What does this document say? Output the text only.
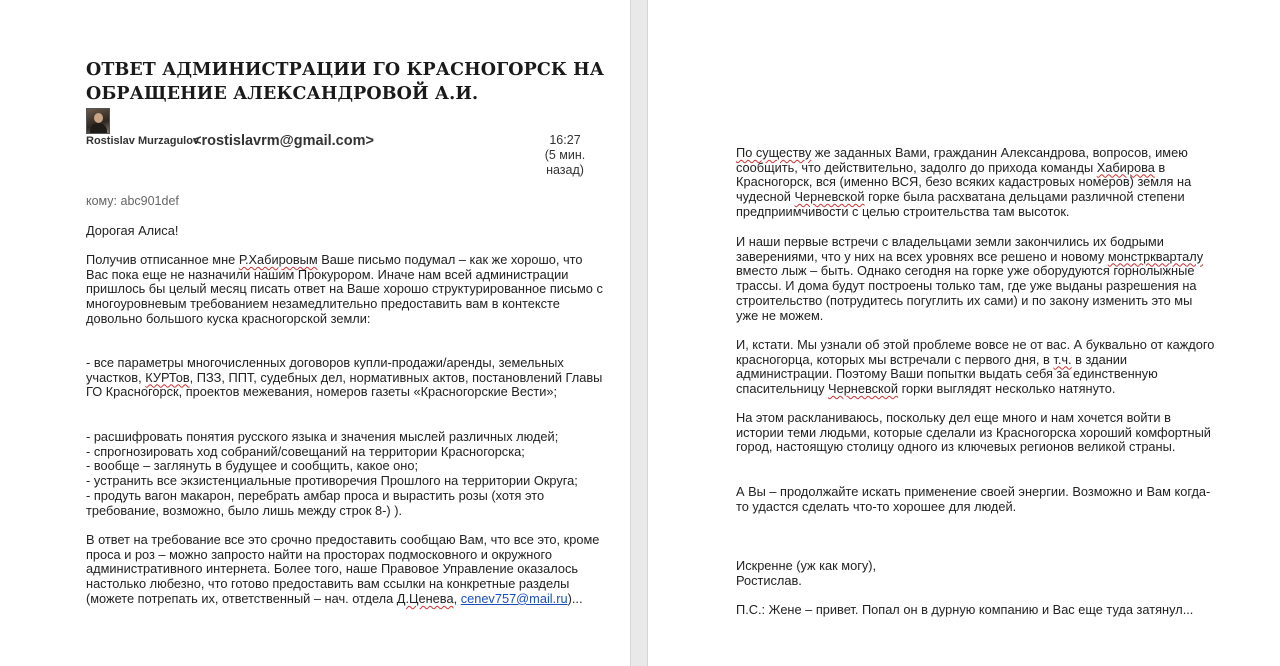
ОТВЕТ АДМИНИСТРАЦИИ ГО КРАСНОГОРСК НА ОБРАЩЕНИЕ АЛЕКСАНДРОВОЙ А.И.
Rostislav Murzagulov
<rostislavrm@gmail.com>	16:27
(5 мин. назад)
кому: abc901def

Дорогая Алиса!

Получив отписанное мне Р.Хабировым Ваше письмо подумал – как же хорошо, что Вас пока еще не назначили нашим Прокурором. Иначе нам всей администрации пришлось бы целый месяц писать ответ на Ваше хорошо структурированное письмо с многоуровневым требованием незамедлительно предоставить вам в контексте довольно большого куска красногорской земли:

- все параметры многочисленных договоров купли-продажи/аренды, земельных участков, КУРТов, ПЗЗ, ППТ, судебных дел, нормативных актов, постановлений Главы ГО Красногорск, проектов межевания, номеров газеты «Красногорские Вести»;

- расшифровать понятия русского языка и значения мыслей различных людей;

- спрогнозировать ход собраний/совещаний на территории Красногорска;

- вообще – заглянуть в будущее и сообщить, какое оно;

- устранить все экзистенциальные противоречия Прошлого на территории Округа;

- продуть вагон макарон, перебрать амбар проса и вырастить розы (хотя это требование, возможно, было лишь между строк 8-) ).

В ответ на требование все это срочно предоставить сообщаю Вам, что все это, кроме проса и роз – можно запросто найти на просторах подмосковного и окружного административного интернета. Более того, наше Правовое Управление оказалось настолько любезно, что готово предоставить вам ссылки на конкретные разделы (можете потрепать их, ответственный – нач. отдела Д.Ценева, cenev757@mail.ru)...

По существу же заданных Вами, гражданин Александрова, вопросов, имею сообщить, что действительно, задолго до прихода команды Хабирова в Красногорск, вся (именно ВСЯ, безо всяких кадастровых номеров) земля на чудесной Черневской горке была расхватана дельцами различной степени предприимчивости с целью строительства там высоток.

И наши первые встречи с владельцами земли закончились их бодрыми заверениями, что у них на всех уровнях все решено и новому монстркварталу вместо лыж – быть. Однако сегодня на горке уже оборудуются горнолыжные трассы. И дома будут построены только там, где уже выданы разрешения на строительство (потрудитесь погуглить их сами) и по закону изменить это мы уже не можем.

И, кстати. Мы узнали об этой проблеме вовсе не от вас. А буквально от каждого красногорца, которых мы встречали с первого дня, в т.ч. в здании администрации. Поэтому Ваши попытки выдать себя за единственную спасительницу Черневской горки выглядят несколько натянуто.

На этом раскланиваюсь, поскольку дел еще много и нам хочется войти в истории теми людьми, которые сделали из Красногорска хороший комфортный город, настоящую столицу одного из ключевых регионов великой страны.

А Вы – продолжайте искать применение своей энергии. Возможно и Вам когда-то удастся сделать что-то хорошее для людей.

Искренне (уж как могу),

Ростислав.

П.С.: Жене – привет. Попал он в дурную компанию и Вас еще туда затянул...
